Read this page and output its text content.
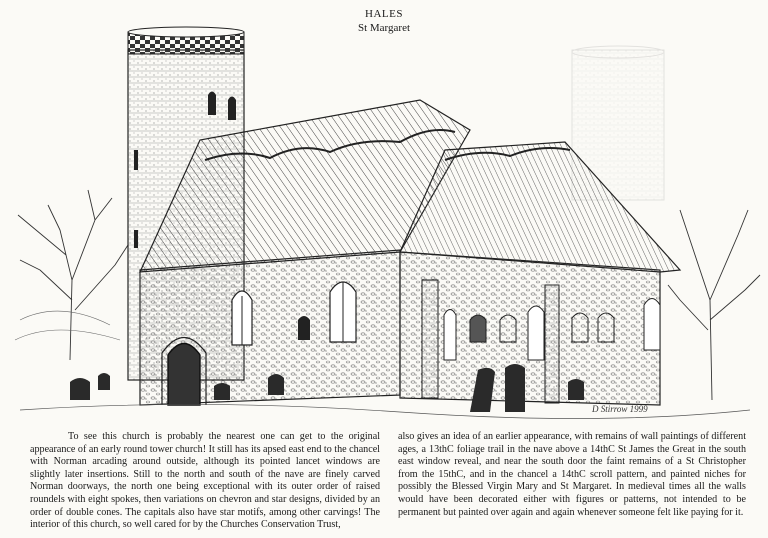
HALES
St Margaret
D Stirrow 1999

To see this church is probably the nearest one can get to the original appearance of an early round tower church! It still has its apsed east end to the chancel with Norman arcading around outside, although its pointed lancet windows are slightly later insertions. Still to the north and south of the nave are finely carved Norman doorways, the north one being exceptional with its outer order of raised roundels with eight spokes, then variations on chevron and star designs, divided by an order of double cones. The capitals also have star motifs, among other carvings! The interior of this church, so well cared for by the Churches Conservation Trust,

also gives an idea of an earlier appearance, with remains of wall paintings of different ages, a 13thC foliage trail in the nave above a 14thC St James the Great in the south east window reveal, and near the south door the faint remains of a St Christopher from the 15thC, and in the chancel a 14thC scroll pattern, and painted niches for possibly the Blessed Virgin Mary and St Margaret. In medieval times all the walls would have been decorated either with figures or patterns, not intended to be permanent but painted over again and again whenever someone felt like paying for it.
